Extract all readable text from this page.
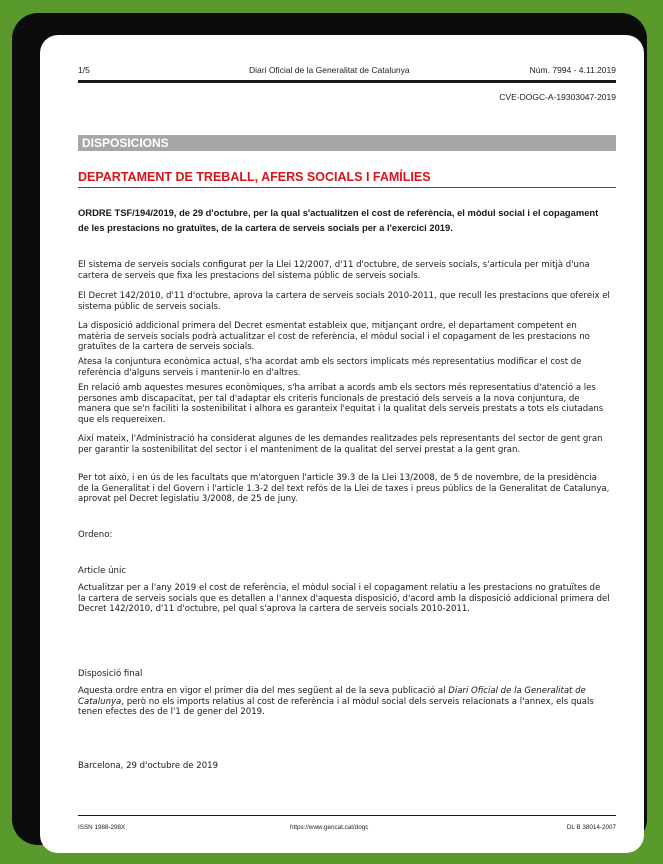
1/5	Diari Oficial de la Generalitat de Catalunya	Núm. 7994 - 4.11.2019
CVE-DOGC-A-19303047-2019
DISPOSICIONS
DEPARTAMENT DE TREBALL, AFERS SOCIALS I FAMÍLIES
ORDRE TSF/194/2019, de 29 d'octubre, per la qual s'actualitzen el cost de referència, el mòdul social i el copagament de les prestacions no gratuïtes, de la cartera de serveis socials per a l'exercici 2019.

El sistema de serveis socials configurat per la Llei 12/2007, d'11 d'octubre, de serveis socials, s'articula per mitjà d'una cartera de serveis que fixa les prestacions del sistema públic de serveis socials.

El Decret 142/2010, d'11 d'octubre, aprova la cartera de serveis socials 2010-2011, que recull les prestacions que ofereix el sistema públic de serveis socials.

La disposició addicional primera del Decret esmentat estableix que, mitjançant ordre, el departament competent en matèria de serveis socials podrà actualitzar el cost de referència, el mòdul social i el copagament de les prestacions no gratuïtes de la cartera de serveis socials.

Atesa la conjuntura econòmica actual, s'ha acordat amb els sectors implicats més representatius modificar el cost de referència d'alguns serveis i mantenir-lo en d'altres.

En relació amb aquestes mesures econòmiques, s'ha arribat a acords amb els sectors més representatius d'atenció a les persones amb discapacitat, per tal d'adaptar els criteris funcionals de prestació dels serveis a la nova conjuntura, de manera que se'n faciliti la sostenibilitat i alhora es garanteix l'equitat i la qualitat dels serveis prestats a tots els ciutadans que els requereixen.

Així mateix, l'Administració ha considerat algunes de les demandes realitzades pels representants del sector de gent gran per garantir la sostenibilitat del sector i el manteniment de la qualitat del servei prestat a la gent gran.

Per tot això, i en ús de les facultats que m'atorguen l'article 39.3 de la Llei 13/2008, de 5 de novembre, de la presidència de la Generalitat i del Govern i l'article 1.3-2 del text refós de la Llei de taxes i preus públics de la Generalitat de Catalunya, aprovat pel Decret legislatiu 3/2008, de 25 de juny.

Ordeno:

Article únic

Actualitzar per a l'any 2019 el cost de referència, el mòdul social i el copagament relatiu a les prestacions no gratuïtes de la cartera de serveis socials que es detallen a l'annex d'aquesta disposició, d'acord amb la disposició addicional primera del Decret 142/2010, d'11 d'octubre, pel qual s'aprova la cartera de serveis socials 2010-2011.

Disposició final

Aquesta ordre entra en vigor el primer dia del mes següent al de la seva publicació al Diari Oficial de la Generalitat de Catalunya, però no els imports relatius al cost de referència i al mòdul social dels serveis relacionats a l'annex, els quals tenen efectes des de l'1 de gener del 2019.

Barcelona, 29 d'octubre de 2019

ISSN 1988-298X	https://www.gencat.cat/dogc	DL B 38014-2007
